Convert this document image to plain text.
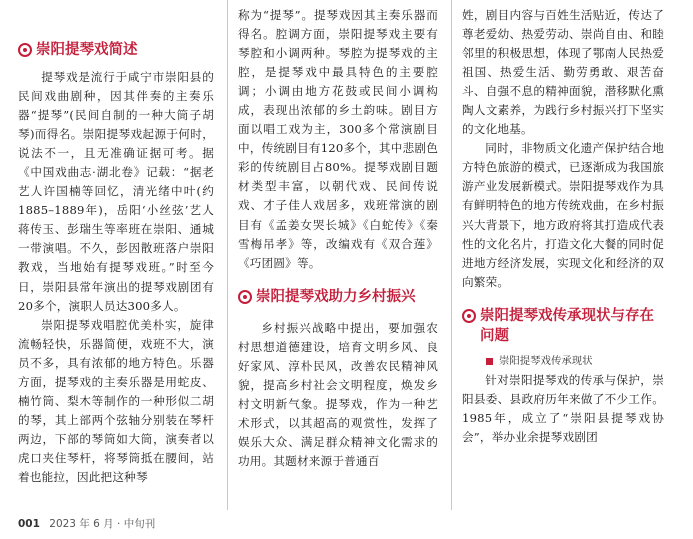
崇阳提琴戏简述

提琴戏是流行于咸宁市崇阳县的民间戏曲剧种，因其伴奏的主奏乐器“提琴”(民间自制的一种大筒子胡琴)而得名。崇阳提琴戏起源于何时，说法不一，且无准确证据可考。据《中国戏曲志·湖北卷》记载：“据老艺人许国楠等回忆，清光绪中叶(约1885–1889年)，岳阳‘小丝弦’艺人蒋传玉、彭瑞生等率班在崇阳、通城一带演唱。不久，彭因散班落户崇阳教戏，当地始有提琴戏班。”时至今日，崇阳县常年演出的提琴戏剧团有20多个，演职人员达300多人。

崇阳提琴戏唱腔优美朴实，旋律流畅轻快，乐器简便，戏班不大，演员不多，具有浓郁的地方特色。乐器方面，提琴戏的主奏乐器是用蛇皮、楠竹筒、梨木等制作的一种形似二胡的琴，其上部两个弦轴分别装在琴杆两边，下部的琴筒如大筒，演奏者以虎口夹住琴杆，将琴筒抵在腰间，站着也能拉，因此把这种琴

称为“提琴”。提琴戏因其主奏乐器而得名。腔调方面，崇阳提琴戏主要有琴腔和小调两种。琴腔为提琴戏的主腔，是提琴戏中最具特色的主要腔调；小调由地方花鼓或民间小调构成，表现出浓郁的乡土韵味。剧目方面以唱工戏为主，300多个常演剧目中，传统剧目有120多个，其中悲剧色彩的传统剧目占80%。提琴戏剧目题材类型丰富，以朝代戏、民间传说戏、才子佳人戏居多，戏班常演的剧目有《孟姜女哭长城》《白蛇传》《秦雪梅吊孝》等，改编戏有《双合莲》《巧团圆》等。

崇阳提琴戏助力乡村振兴

乡村振兴战略中提出，要加强农村思想道德建设，培育文明乡风、良好家风、淳朴民风，改善农民精神风貌，提高乡村社会文明程度，焕发乡村文明新气象。提琴戏，作为一种艺术形式，以其超高的观赏性，发挥了娱乐大众、满足群众精神文化需求的功用。其题材来源于普通百

姓，剧目内容与百姓生活贴近，传达了尊老爱幼、热爱劳动、崇尚自由、和睦邻里的积极思想，体现了鄂南人民热爱祖国、热爱生活、勤劳勇敢、艰苦奋斗、自强不息的精神面貌，潜移默化熏陶人文素养，为践行乡村振兴打下坚实的文化地基。

同时，非物质文化遗产保护结合地方特色旅游的模式，已逐渐成为我国旅游产业发展新模式。崇阳提琴戏作为具有鲜明特色的地方传统戏曲，在乡村振兴大背景下，地方政府将其打造成代表性的文化名片，打造文化大餐的同时促进地方经济发展，实现文化和经济的双向繁荣。

崇阳提琴戏传承现状与存在问题
崇阳提琴戏传承现状

针对崇阳提琴戏的传承与保护，崇阳县委、县政府历年来做了不少工作。1985年，成立了“崇阳县提琴戏协会”，举办业余提琴戏剧团

001 2023 年 6 月 · 中旬刊
